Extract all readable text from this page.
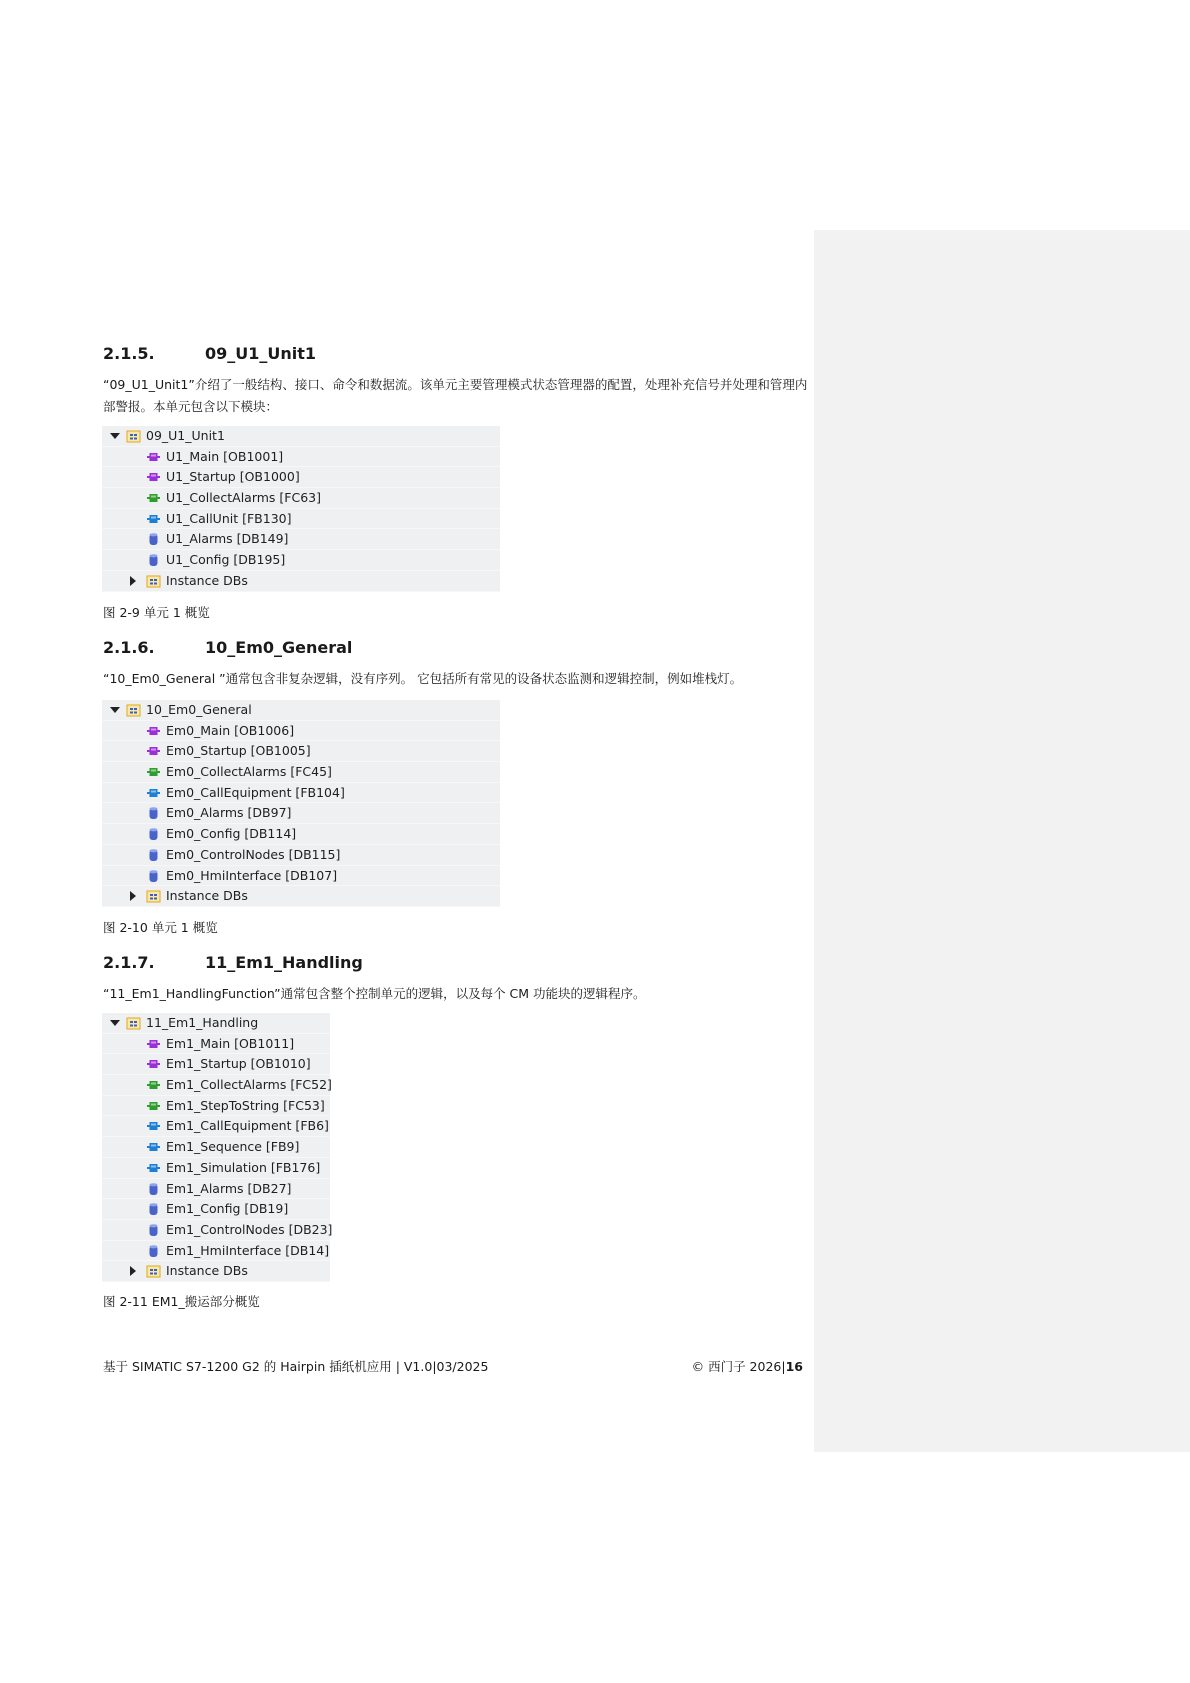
2.1.5.	09_U1_Unit1

“09_U1_Unit1”介绍了一般结构、接口、命令和数据流。该单元主要管理模式状态管理器的配置，处理补充信号并处理和管理内部警报。本单元包含以下模块：

09_U1_Unit1
U1_Main [OB1001]
U1_Startup [OB1000]
U1_CollectAlarms [FC63]
U1_CallUnit [FB130]
U1_Alarms [DB149]
U1_Config [DB195]
Instance DBs

图 2-9 单元 1 概览

2.1.6.	10_Em0_General

“10_Em0_General ”通常包含非复杂逻辑，没有序列。 它包括所有常见的设备状态监测和逻辑控制，例如堆栈灯。

10_Em0_General
Em0_Main [OB1006]
Em0_Startup [OB1005]
Em0_CollectAlarms [FC45]
Em0_CallEquipment [FB104]
Em0_Alarms [DB97]
Em0_Config [DB114]
Em0_ControlNodes [DB115]
Em0_HmiInterface [DB107]
Instance DBs

图 2-10 单元 1 概览

2.1.7.	11_Em1_Handling

“11_Em1_HandlingFunction”通常包含整个控制单元的逻辑，以及每个 CM 功能块的逻辑程序。

11_Em1_Handling
Em1_Main [OB1011]
Em1_Startup [OB1010]
Em1_CollectAlarms [FC52]
Em1_StepToString [FC53]
Em1_CallEquipment [FB6]
Em1_Sequence [FB9]
Em1_Simulation [FB176]
Em1_Alarms [DB27]
Em1_Config [DB19]
Em1_ControlNodes [DB23]
Em1_HmiInterface [DB14]
Instance DBs

图 2-11 EM1_搬运部分概览

基于 SIMATIC S7-1200 G2 的 Hairpin 插纸机应用 | V1.0|03/2025	© 西门子 2026|16
